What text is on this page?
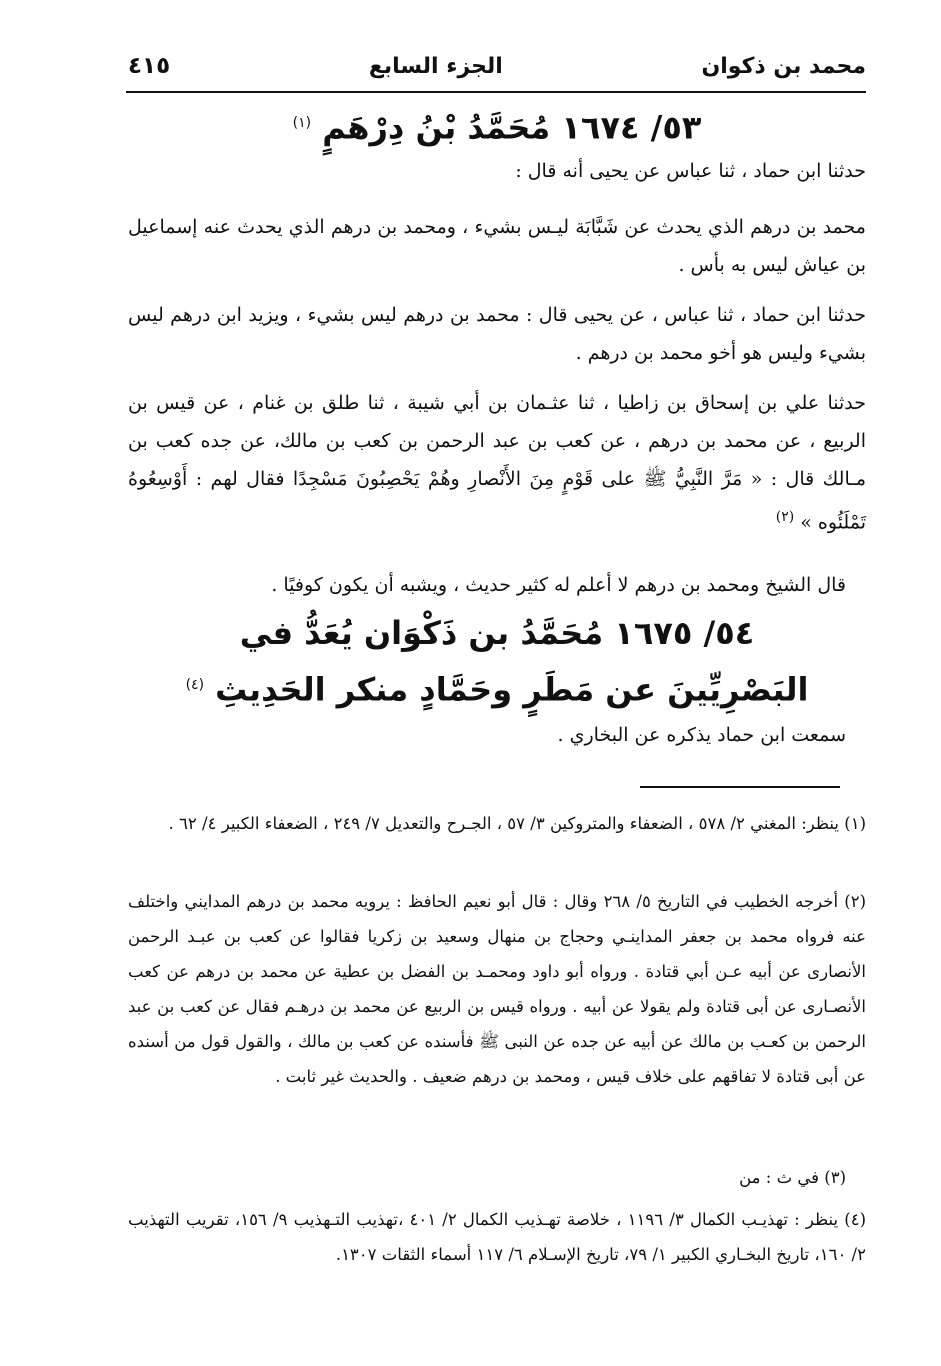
محمد بن ذكوان
الجزء السابع
٤١٥
٥٣/ ١٦٧٤ مُحَمَّدُ بْنُ دِرْهَمٍ $^{(١)}$
حدثنا ابن حماد ، ثنا عباس عن يحيى أنه قال :
محمد بن درهم الذي يحدث عن شَبَّابَة ليـس بشيء ، ومحمد بن درهم الذي يحدث عنه إسماعيل بن عياش ليس به بأس .
حدثنا ابن حماد ، ثنا عباس ، عن يحيى قال : محمد بن درهم ليس بشيء ، ويزيد ابن درهم ليس بشيء وليس هو أخو محمد بن درهم .
حدثنا علي بن إسحاق بن زاطيا ، ثنا عثـمان بن أبي شيبة ، ثنا طلق بن غنام ، عن قيس بن الربيع ، عن محمد بن درهم ، عن كعب بن عبد الرحمن بن كعب بن مالك، عن جده كعب بن مـالك قال : « مَرَّ النَّبِيُّ ﷺ على قَوْمٍ مِنَ الأَنْصارِ وهُمْ يَحْصِبُونَ مَسْجِدًا فقال لهم : أَوْسِعُوهُ تَمْلَئُوه » $^{(٢)}$
قال الشيخ ومحمد بن درهم لا أعلم له كثير حديث ، ويشبه أن يكون كوفيًا .
٥٤/ ١٦٧٥ مُحَمَّدُ بن ذَكْوَان يُعَدُّ في
البَصْرِيِّينَ عن مَطَرٍ وحَمَّادٍ منكر الحَدِيثِ $^{(٤)}$
سمعت ابن حماد يذكره عن البخاري .
(١) ينظر: المغني ٢/ ٥٧٨ ، الضعفاء والمتروكين ٣/ ٥٧ ، الجـرح والتعديل ٧/ ٢٤٩ ، الضعفاء الكبير ٤/ ٦٢ .
(٢) أخرجه الخطيب في التاريخ ٥/ ٢٦٨ وقال : قال أبو نعيم الحافظ : يرويه محمد بن درهم المدايني واختلف عنه فرواه محمد بن جعفر المداينـي وحجاج بن منهال وسعيد بن زكريا فقالوا عن كعب بن عبـد الرحمن الأنصارى عن أبيه عـن أبي قتادة . ورواه أبو داود ومحمـد بن الفضل بن عطية عن محمد بن درهم عن كعب الأنصـارى عن أبى قتادة ولم يقولا عن أبيه . ورواه قيس بن الربيع عن محمد بن درهـم فقال عن كعب بن عبد الرحمن بن كعـب بن مالك عن أبيه عن جده عن النبى ﷺ فأسنده عن كعب بن مالك ، والقول قول من أسنده عن أبى قتادة لا تفاقهم على خلاف قيس ، ومحمد بن درهم ضعيف . والحديث غير ثابت .
(٣) في ث : من
(٤) ينظر : تهذيـب الكمال ٣/ ١١٩٦ ، خلاصة تهـذيب الكمال ٢/ ٤٠١ ،تهذيب التـهذيب ٩/ ١٥٦، تقريب التهذيب ٢/ ١٦٠، تاريخ البخـاري الكبير ١/ ٧٩، تاريخ الإسـلام ٦/ ١١٧ أسماء الثقات ١٣٠٧.
